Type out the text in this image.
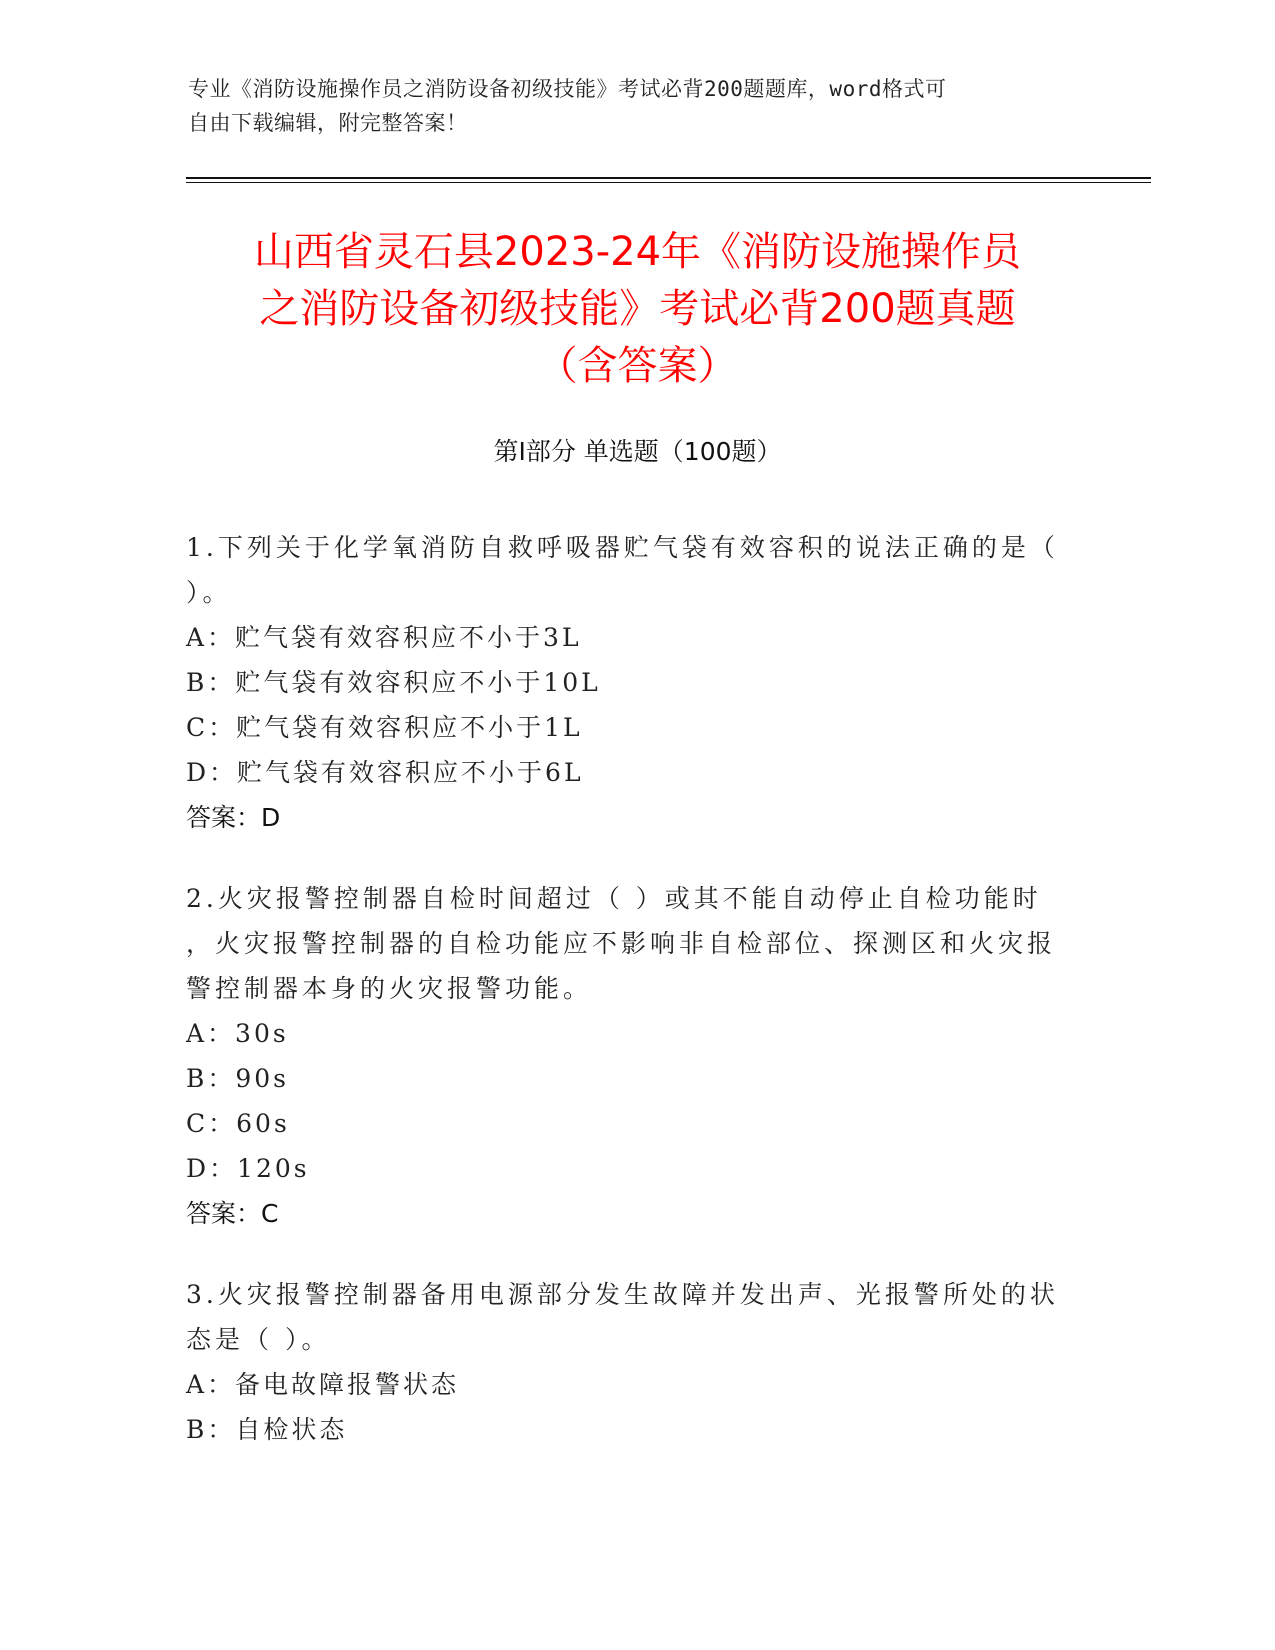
专业《消防设施操作员之消防设备初级技能》考试必背200题题库，word格式可
自由下载编辑，附完整答案！
山西省灵石县2023-24年《消防设施操作员
之消防设备初级技能》考试必背200题真题
（含答案）
第I部分 单选题（100题）

1.下列关于化学氧消防自救呼吸器贮气袋有效容积的说法正确的是（

）。

A：贮气袋有效容积应不小于3L

B：贮气袋有效容积应不小于10L

C：贮气袋有效容积应不小于1L

D：贮气袋有效容积应不小于6L

答案：D

2.火灾报警控制器自检时间超过（ ）或其不能自动停止自检功能时

，火灾报警控制器的自检功能应不影响非自检部位、探测区和火灾报

警控制器本身的火灾报警功能。

A：30s

B：90s

C：60s

D：120s

答案：C

3.火灾报警控制器备用电源部分发生故障并发出声、光报警所处的状

态是（ ）。

A：备电故障报警状态

B：自检状态
